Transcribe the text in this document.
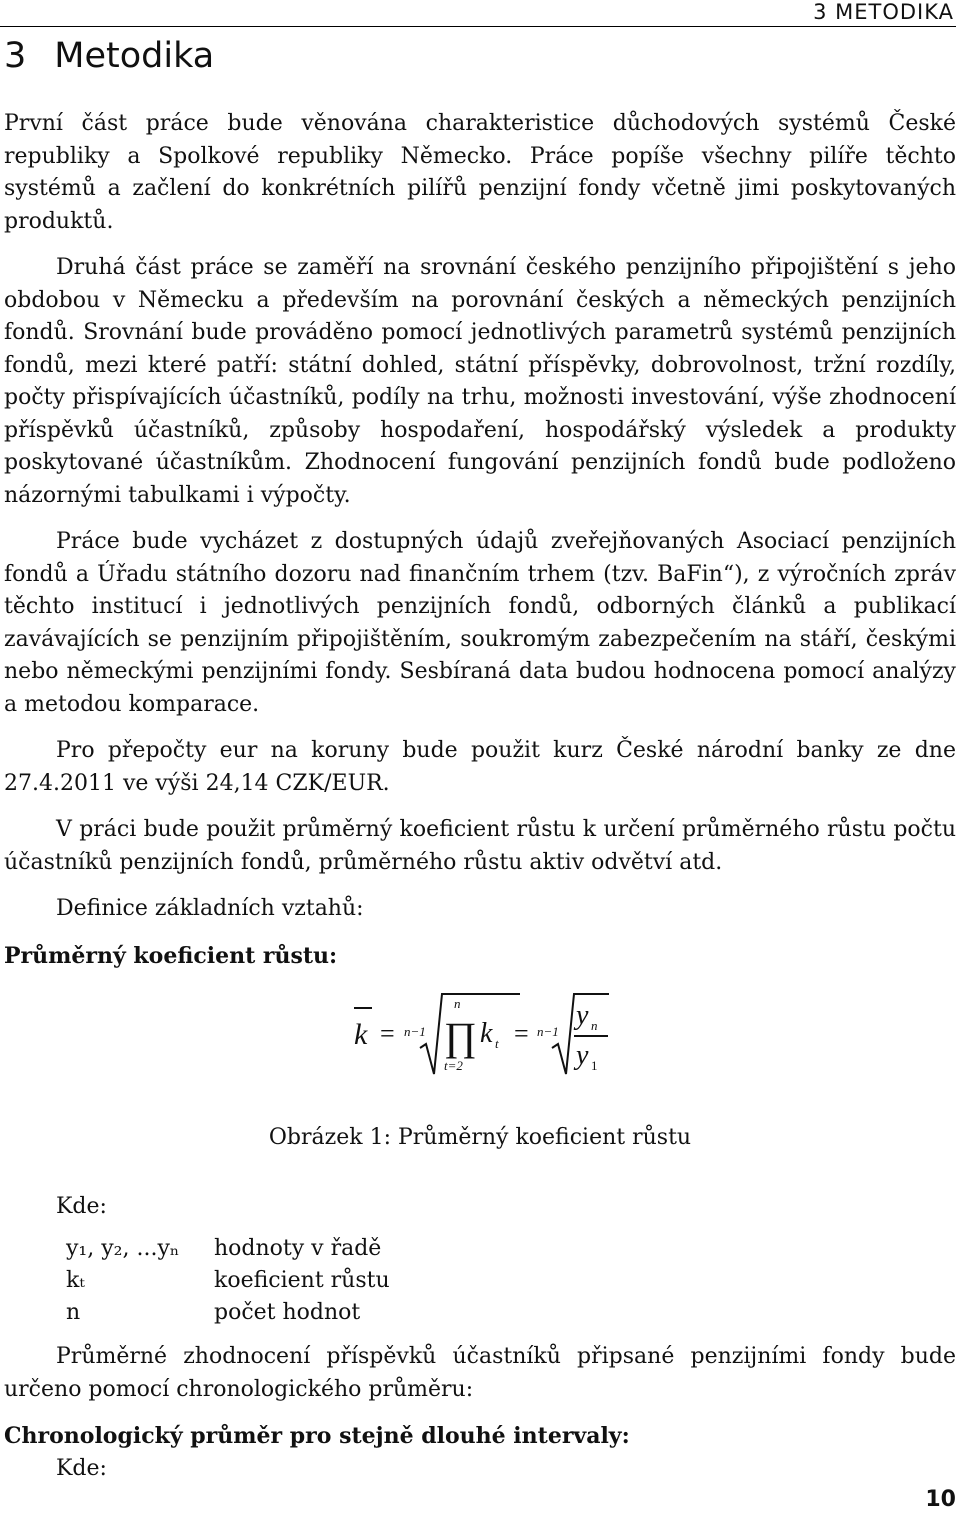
3 METODIKA
3 Metodika

První část práce bude věnována charakteristice důchodových systémů České republiky a Spolkové republiky Německo. Práce popíše všechny pilíře těchto systémů a začlení do konkrétních pilířů penzijní fondy včetně jimi poskytovaných produktů.

Druhá část práce se zaměří na srovnání českého penzijního připojištění s jeho obdobou v Německu a především na porovnání českých a německých penzijních fondů. Srovnání bude prováděno pomocí jednotlivých parametrů systémů penzijních fondů, mezi které patří: státní dohled, státní příspěvky, dobrovolnost, tržní rozdíly, počty přispívajících účastníků, podíly na trhu, možnosti investování, výše zhodnocení příspěvků účastníků, způsoby hospodaření, hospodářský výsledek a produkty poskytované účastníkům. Zhodnocení fungování penzijních fondů bude podloženo názornými tabulkami i výpočty.

Práce bude vycházet z dostupných údajů zveřejňovaných Asociací penzijních fondů a Úřadu státního dozoru nad finančním trhem (tzv. BaFin“), z výročních zpráv těchto institucí i jednotlivých penzijních fondů, odborných článků a publikací zavávajících se penzijním připojištěním, soukromým zabezpečením na stáří, českými nebo německými penzijními fondy. Sesbíraná data budou hodnocena pomocí analýzy a metodou komparace.

Pro přepočty eur na koruny bude použit kurz České národní banky ze dne 27.4.2011 ve výši 24,14 CZK/EUR.

V práci bude použit průměrný koeficient růstu k určení průměrného růstu počtu účastníků penzijních fondů, průměrného růstu aktiv odvětví atd.

Definice základních vztahů:

Průměrný koeficient růstu:
k = n−1
n
∏
t=2
k t = n−1
y n
y 1
Obrázek 1: Průměrný koeficient růstu
Kde:
y₁, y₂, ...yₙ	hodnoty v řadě
kₜ	koeficient růstu
n	počet hodnot

Průměrné zhodnocení příspěvků účastníků připsané penzijními fondy bude určeno pomocí chronologického průměru:

Chronologický průměr pro stejně dlouhé intervaly:
Kde:
10
